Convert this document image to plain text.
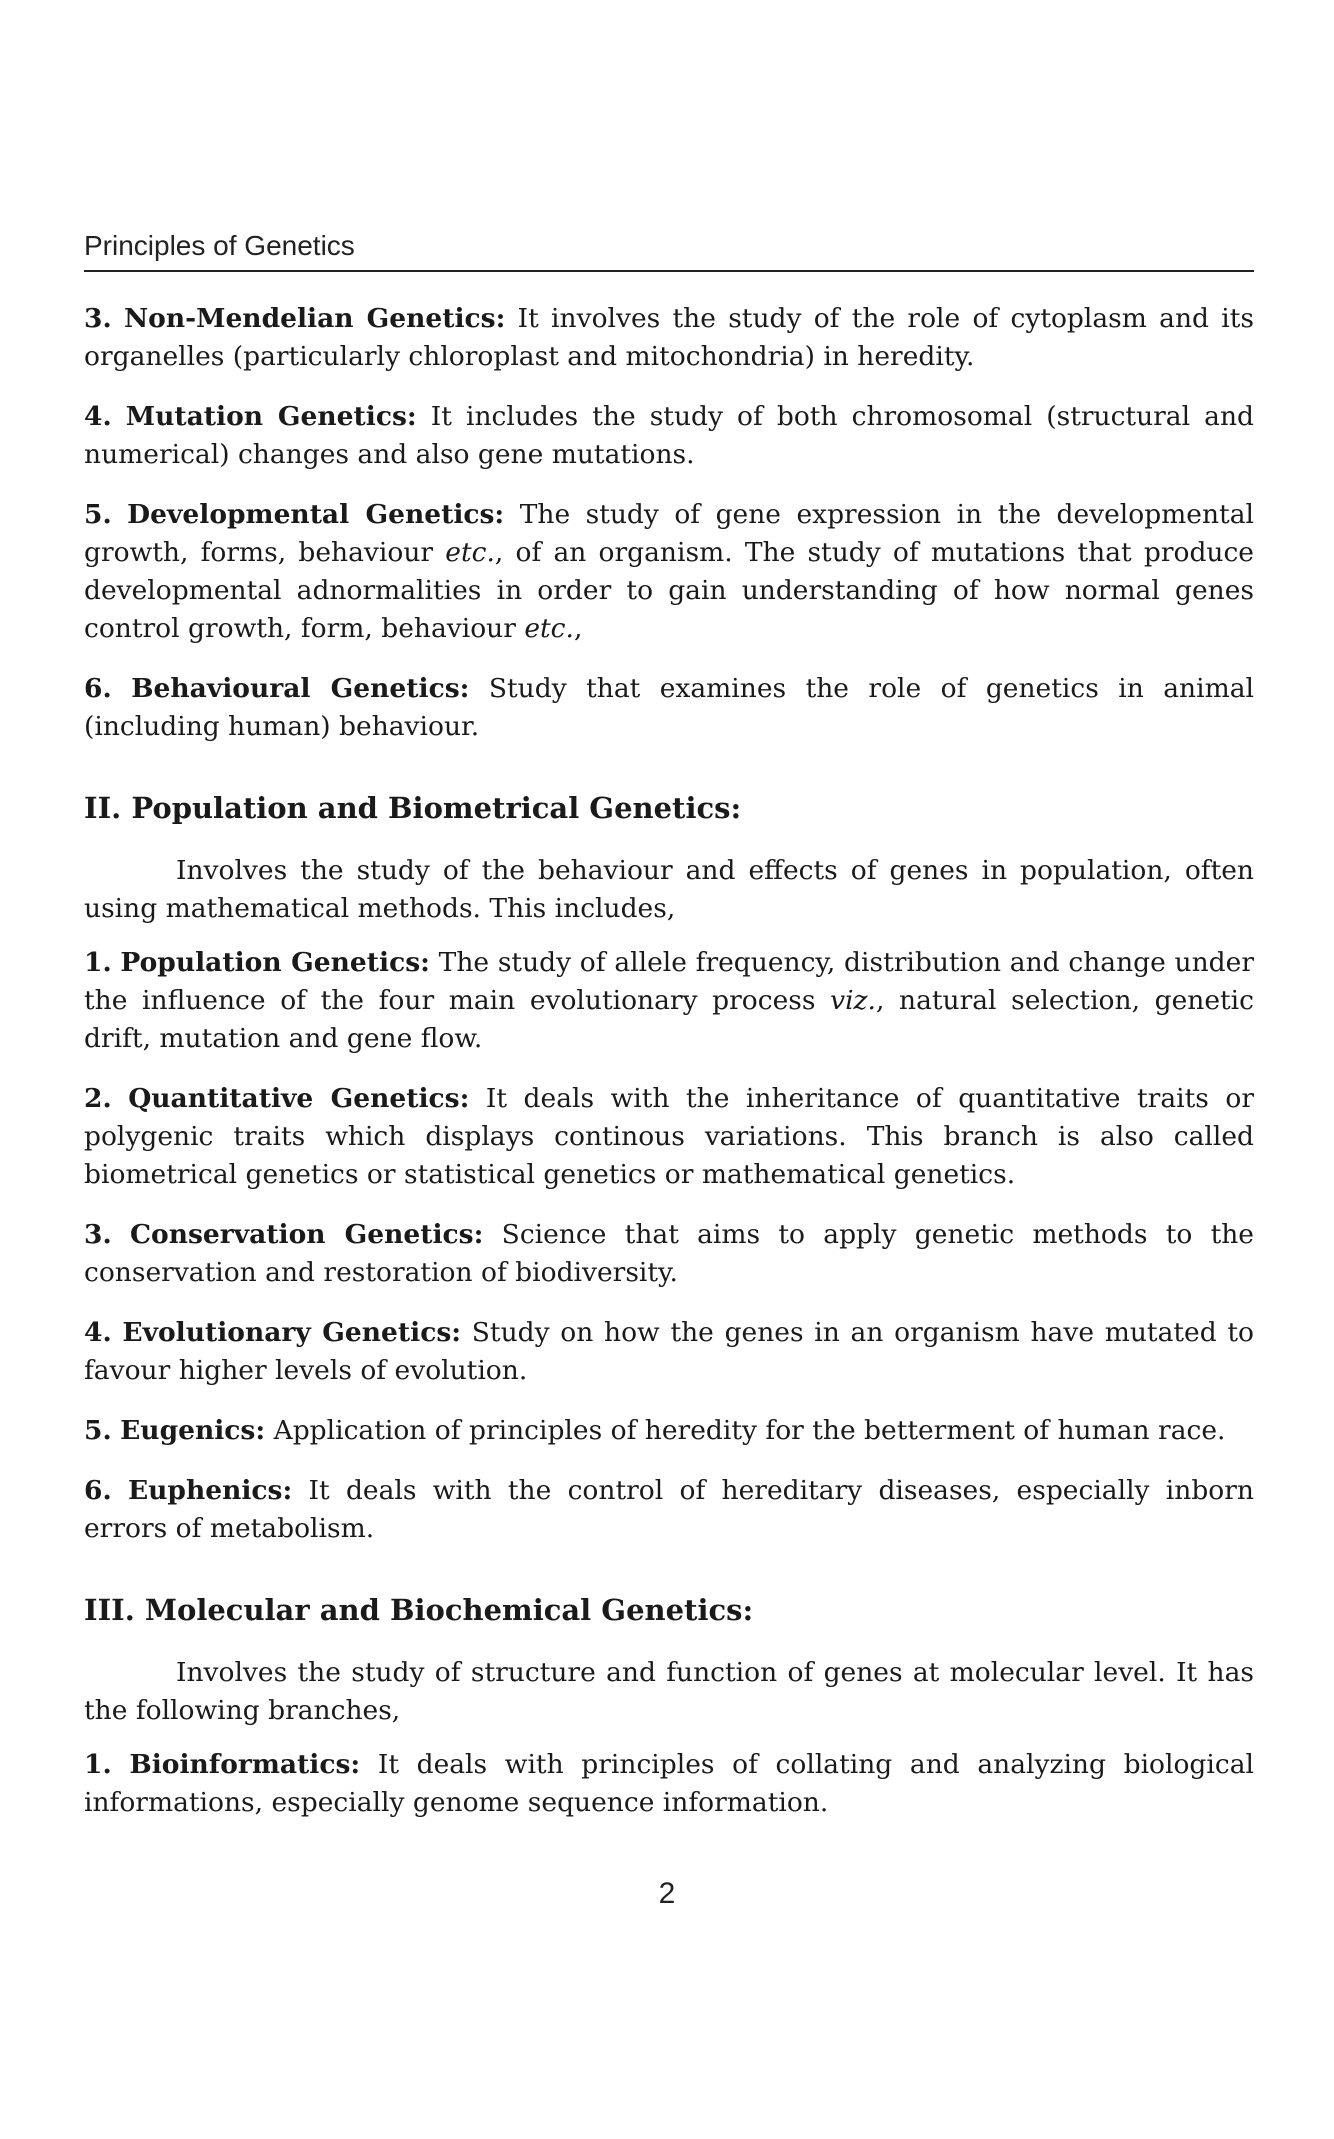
Principles of Genetics

3. Non-Mendelian Genetics: It involves the study of the role of cytoplasm and its organelles (particularly chloroplast and mitochondria) in heredity.

4. Mutation Genetics: It includes the study of both chromosomal (structural and numerical) changes and also gene mutations.

5. Developmental Genetics: The study of gene expression in the developmental growth, forms, behaviour etc., of an organism. The study of mutations that produce developmental adnormalities in order to gain understanding of how normal genes control growth, form, behaviour etc.,

6. Behavioural Genetics: Study that examines the role of genetics in animal (including human) behaviour.

II. Population and Biometrical Genetics:

Involves the study of the behaviour and effects of genes in population, often using mathematical methods. This includes,

1. Population Genetics: The study of allele frequency, distribution and change under the influence of the four main evolutionary process viz., natural selection, genetic drift, mutation and gene flow.

2. Quantitative Genetics: It deals with the inheritance of quantitative traits or polygenic traits which displays continous variations. This branch is also called biometrical genetics or statistical genetics or mathematical genetics.

3. Conservation Genetics: Science that aims to apply genetic methods to the conservation and restoration of biodiversity.

4. Evolutionary Genetics: Study on how the genes in an organism have mutated to favour higher levels of evolution.

5. Eugenics: Application of principles of heredity for the betterment of human race.

6. Euphenics: It deals with the control of hereditary diseases, especially inborn errors of metabolism.

III. Molecular and Biochemical Genetics:

Involves the study of structure and function of genes at molecular level. It has the following branches,

1. Bioinformatics: It deals with principles of collating and analyzing biological informations, especially genome sequence information.

2
